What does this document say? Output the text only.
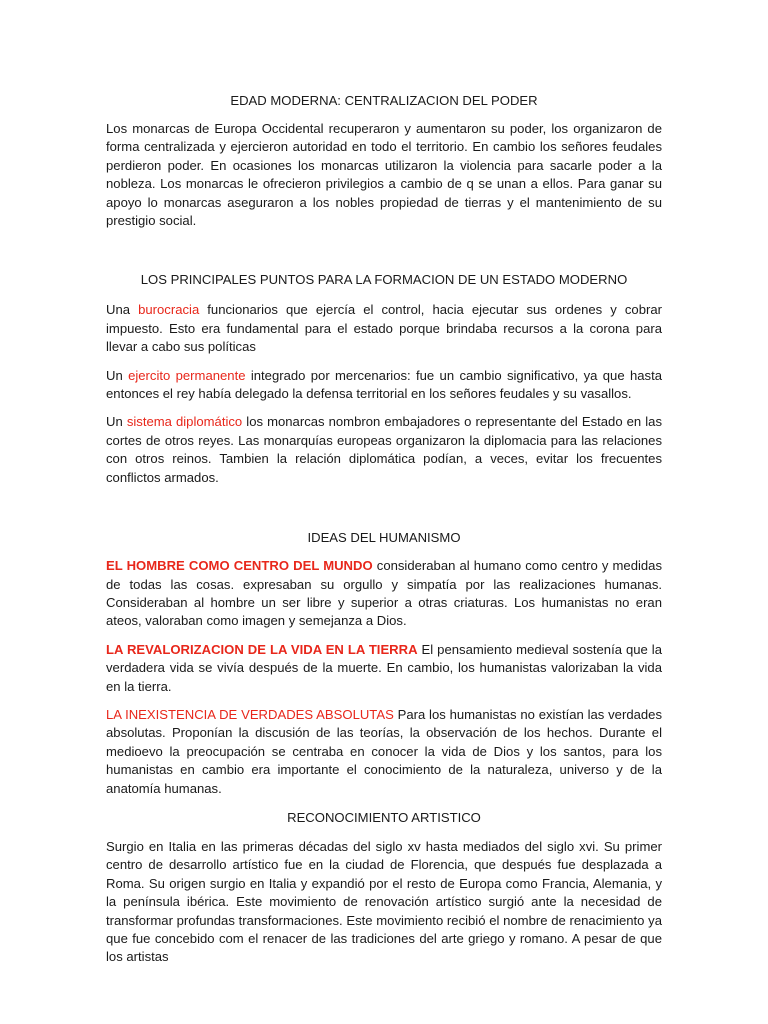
EDAD MODERNA: CENTRALIZACION DEL PODER

Los monarcas de Europa Occidental recuperaron y aumentaron su poder, los organizaron de forma centralizada y ejercieron autoridad en todo el territorio. En cambio los señores feudales perdieron poder. En ocasiones los monarcas utilizaron la violencia para sacarle poder a la nobleza. Los monarcas le ofrecieron privilegios a cambio de q se unan a ellos. Para ganar su apoyo lo monarcas aseguraron a los nobles propiedad de tierras y el mantenimiento de su prestigio social.

LOS PRINCIPALES PUNTOS PARA LA FORMACION DE UN ESTADO MODERNO

Una burocracia funcionarios que ejercía el control, hacia ejecutar sus ordenes y cobrar impuesto. Esto era fundamental para el estado porque brindaba recursos a la corona para llevar a cabo sus políticas

Un ejercito permanente integrado por mercenarios: fue un cambio significativo, ya que hasta entonces el rey había delegado la defensa territorial en los señores feudales y su vasallos.

Un sistema diplomático los monarcas nombron embajadores o representante del Estado en las cortes de otros reyes. Las monarquías europeas organizaron la diplomacia para las relaciones con otros reinos. Tambien la relación diplomática podían, a veces, evitar los frecuentes conflictos armados.

IDEAS DEL HUMANISMO

EL HOMBRE COMO CENTRO DEL MUNDO consideraban al humano como centro y medidas de todas las cosas. expresaban su orgullo y simpatía por las realizaciones humanas. Consideraban al hombre un ser libre y superior a otras criaturas. Los humanistas no eran ateos, valoraban como imagen y semejanza a Dios.

LA REVALORIZACION DE LA VIDA EN LA TIERRA El pensamiento medieval sostenía que la verdadera vida se vivía después de la muerte. En cambio, los humanistas valorizaban la vida en la tierra.

LA INEXISTENCIA DE VERDADES ABSOLUTAS Para los humanistas no existían las verdades absolutas. Proponían la discusión de las teorías, la observación de los hechos. Durante el medioevo la preocupación se centraba en conocer la vida de Dios y los santos, para los humanistas en cambio era importante el conocimiento de la naturaleza, universo y de la anatomía humanas.

RECONOCIMIENTO ARTISTICO

Surgio en Italia en las primeras décadas del siglo xv hasta mediados del siglo xvi. Su primer centro de desarrollo artístico fue en la ciudad de Florencia, que después fue desplazada a Roma. Su origen surgio en Italia y expandió por el resto de Europa como Francia, Alemania, y la península ibérica. Este movimiento de renovación artístico surgió ante la necesidad de transformar profundas transformaciones. Este movimiento recibió el nombre de renacimiento ya que fue concebido com el renacer de las tradiciones del arte griego y romano. A pesar de que los artistas
